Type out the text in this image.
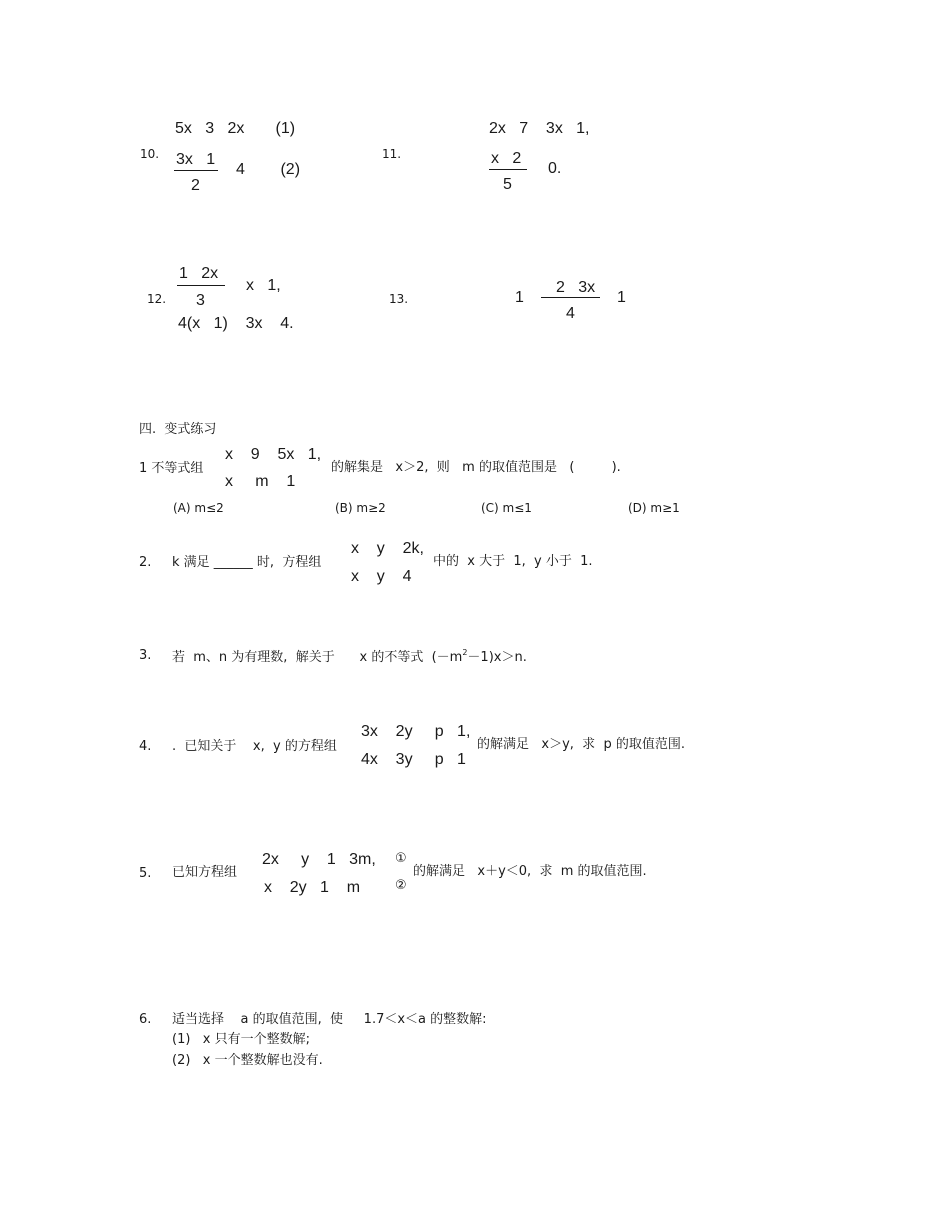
10.
5x   3   2x       (1)
3x   1
2
4        (2)
11.
2x   7    3x   1,
x   2
5
0.
12.
1   2x
3
x   1,
4(x   1)    3x    4.
13.	1
2   3x
4
1
四.  变式练习
1 不等式组
x    9    5x   1,
x     m    1
的解集是   x＞2,  则   m 的取值范围是   (         ).
(A) m≤2	(B) m≥2	(C) m≤1	(D) m≥1
2. k 满足 ______ 时,  方程组
x    y    2k,
x    y    4
中的  x 大于  1,  y 小于  1.
3. 若  m、n 为有理数,  解关于      x 的不等式  $(-m^2-1)x>n$.
4. .  已知关于    x,  y 的方程组
3x    2y     p   1,
4x    3y     p   1
的解满足   x＞y,  求  p 的取值范围.
5. 已知方程组
2x     y    1   3m,
x    2y   1    m
①
②
的解满足   x＋y＜0,  求  m 的取值范围.
6. 适当选择    a 的取值范围,  使     1.7＜x＜a 的整数解:
(1)   x 只有一个整数解;
(2)   x 一个整数解也没有.
